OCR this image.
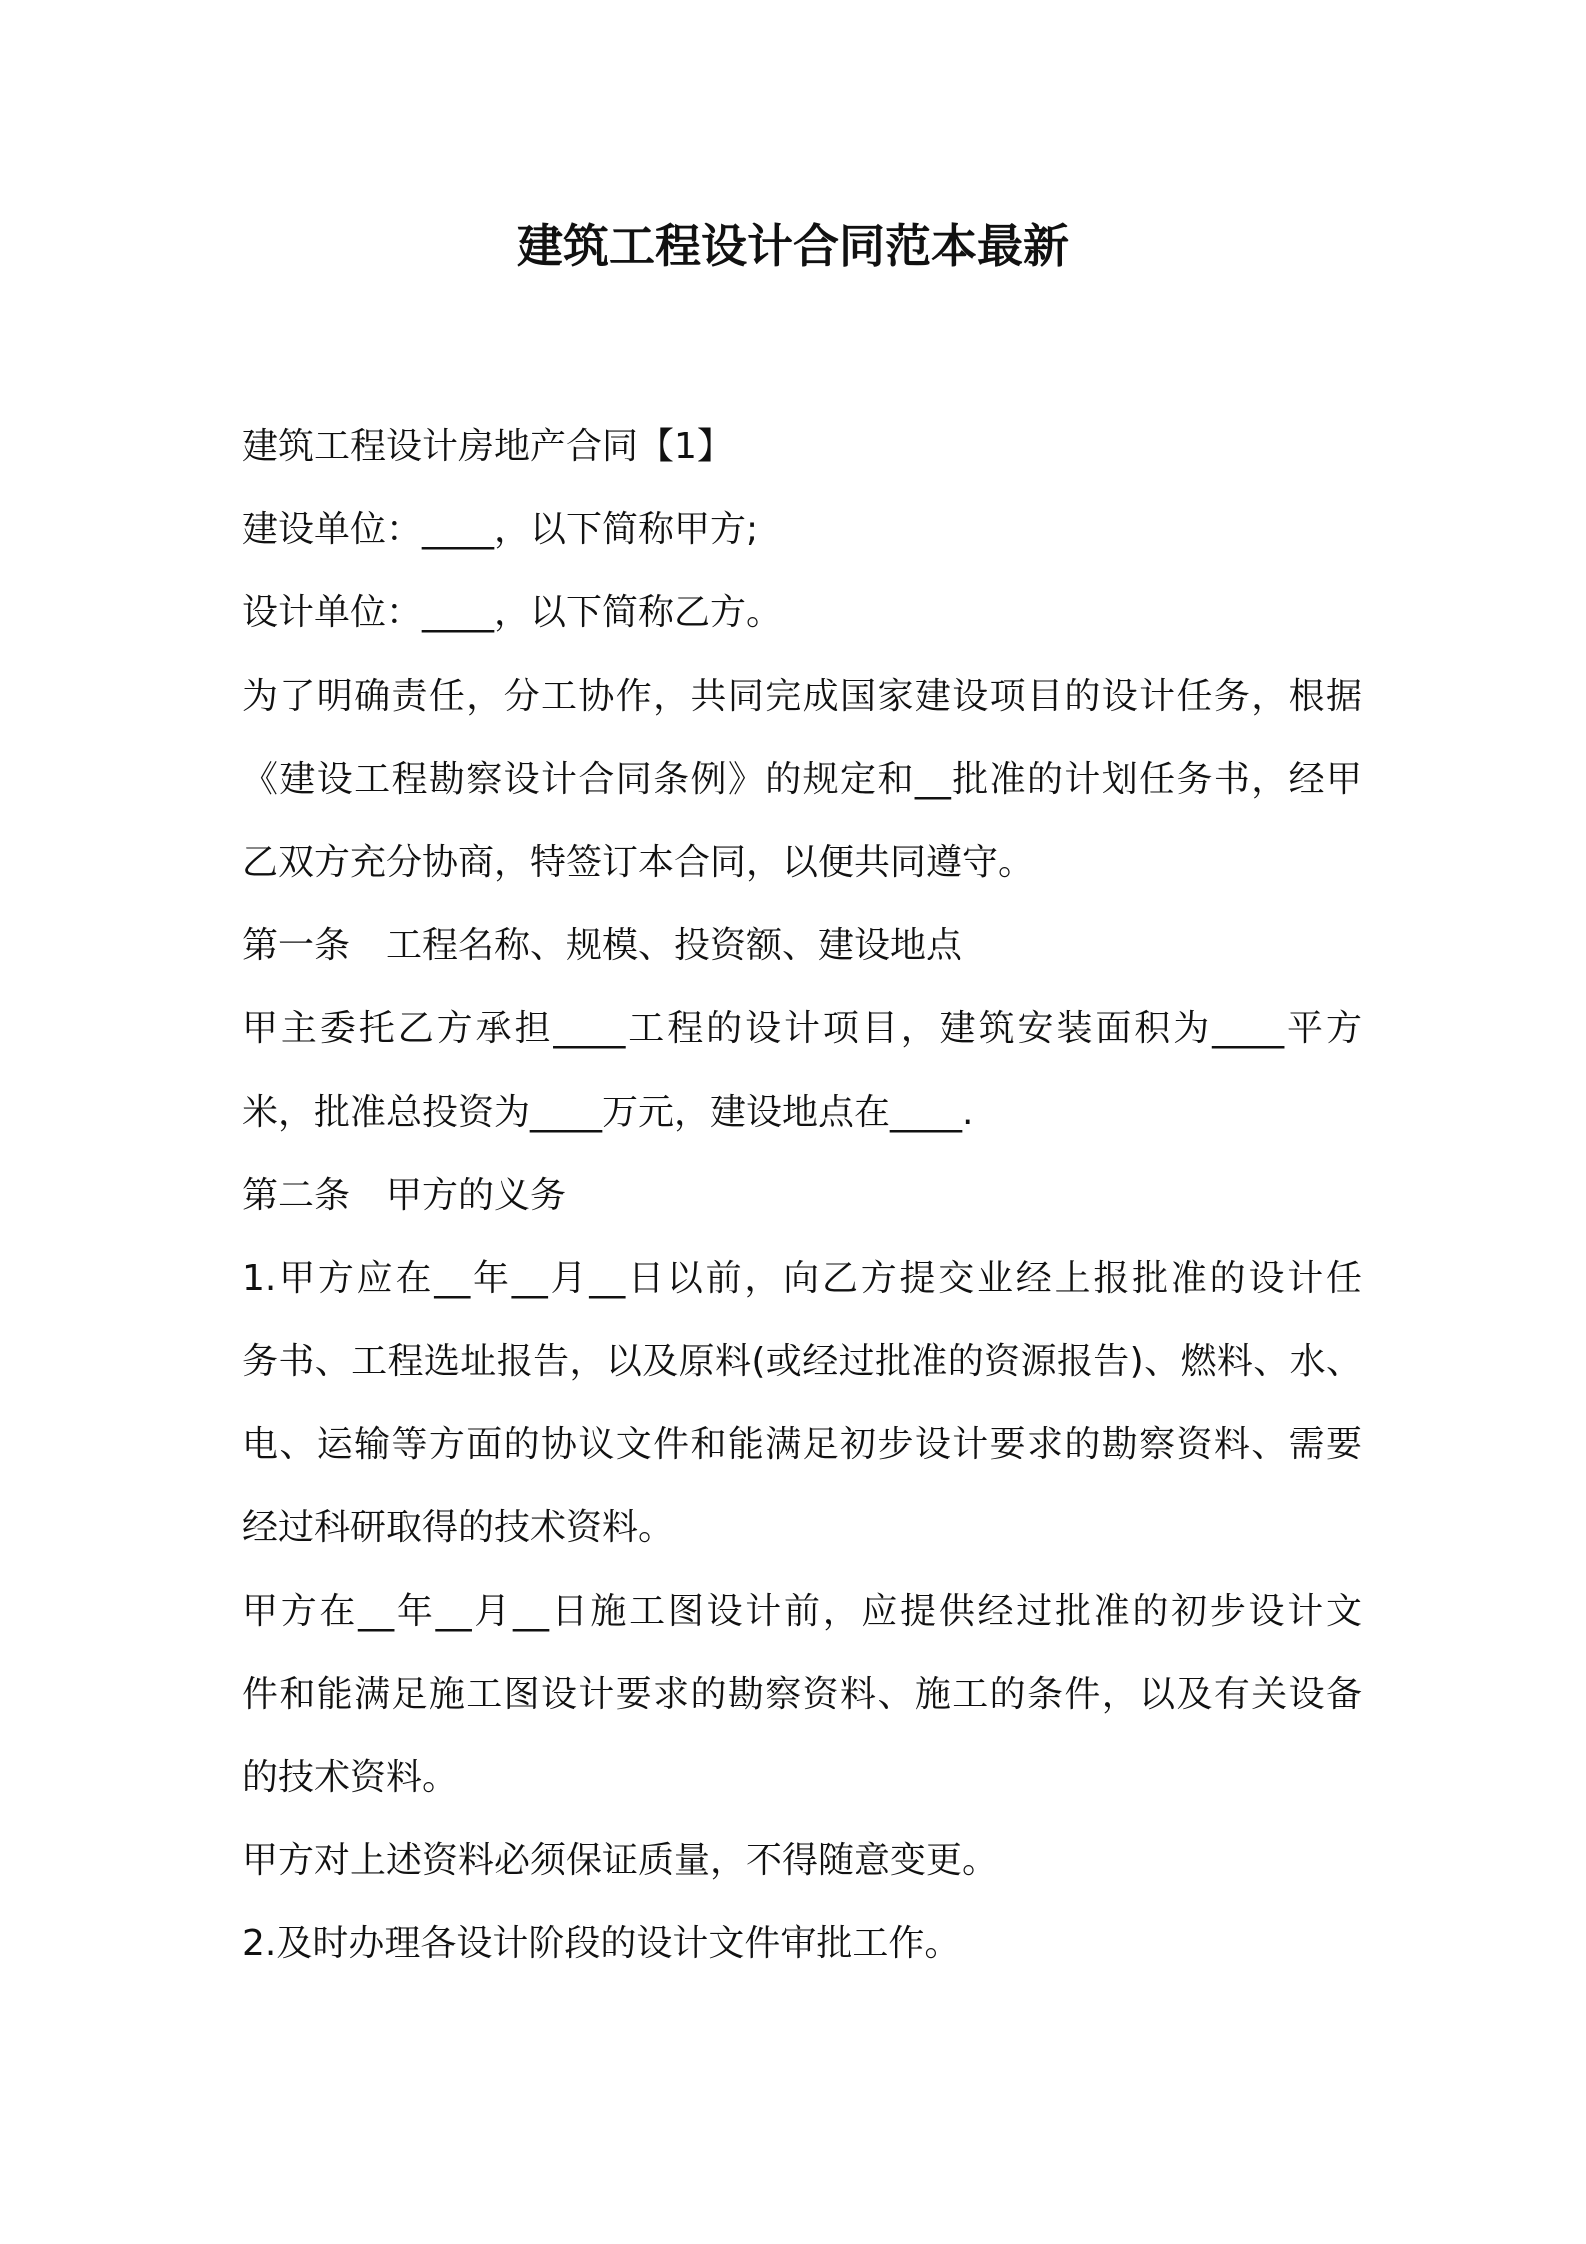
建筑工程设计合同范本最新

建筑工程设计房地产合同【1】

建设单位：____，以下简称甲方;

设计单位：____，以下简称乙方。

为了明确责任，分工协作，共同完成国家建设项目的设计任务，根据

《建设工程勘察设计合同条例》的规定和__批准的计划任务书，经甲

乙双方充分协商，特签订本合同，以便共同遵守。

第一条　工程名称、规模、投资额、建设地点

甲主委托乙方承担____工程的设计项目，建筑安装面积为____平方

米，批准总投资为____万元，建设地点在____.

第二条　甲方的义务

1.甲方应在__年__月__日以前，向乙方提交业经上报批准的设计任

务书、工程选址报告，以及原料(或经过批准的资源报告)、燃料、水、

电、运输等方面的协议文件和能满足初步设计要求的勘察资料、需要

经过科研取得的技术资料。

甲方在__年__月__日施工图设计前，应提供经过批准的初步设计文

件和能满足施工图设计要求的勘察资料、施工的条件，以及有关设备

的技术资料。

甲方对上述资料必须保证质量，不得随意变更。

2.及时办理各设计阶段的设计文件审批工作。
